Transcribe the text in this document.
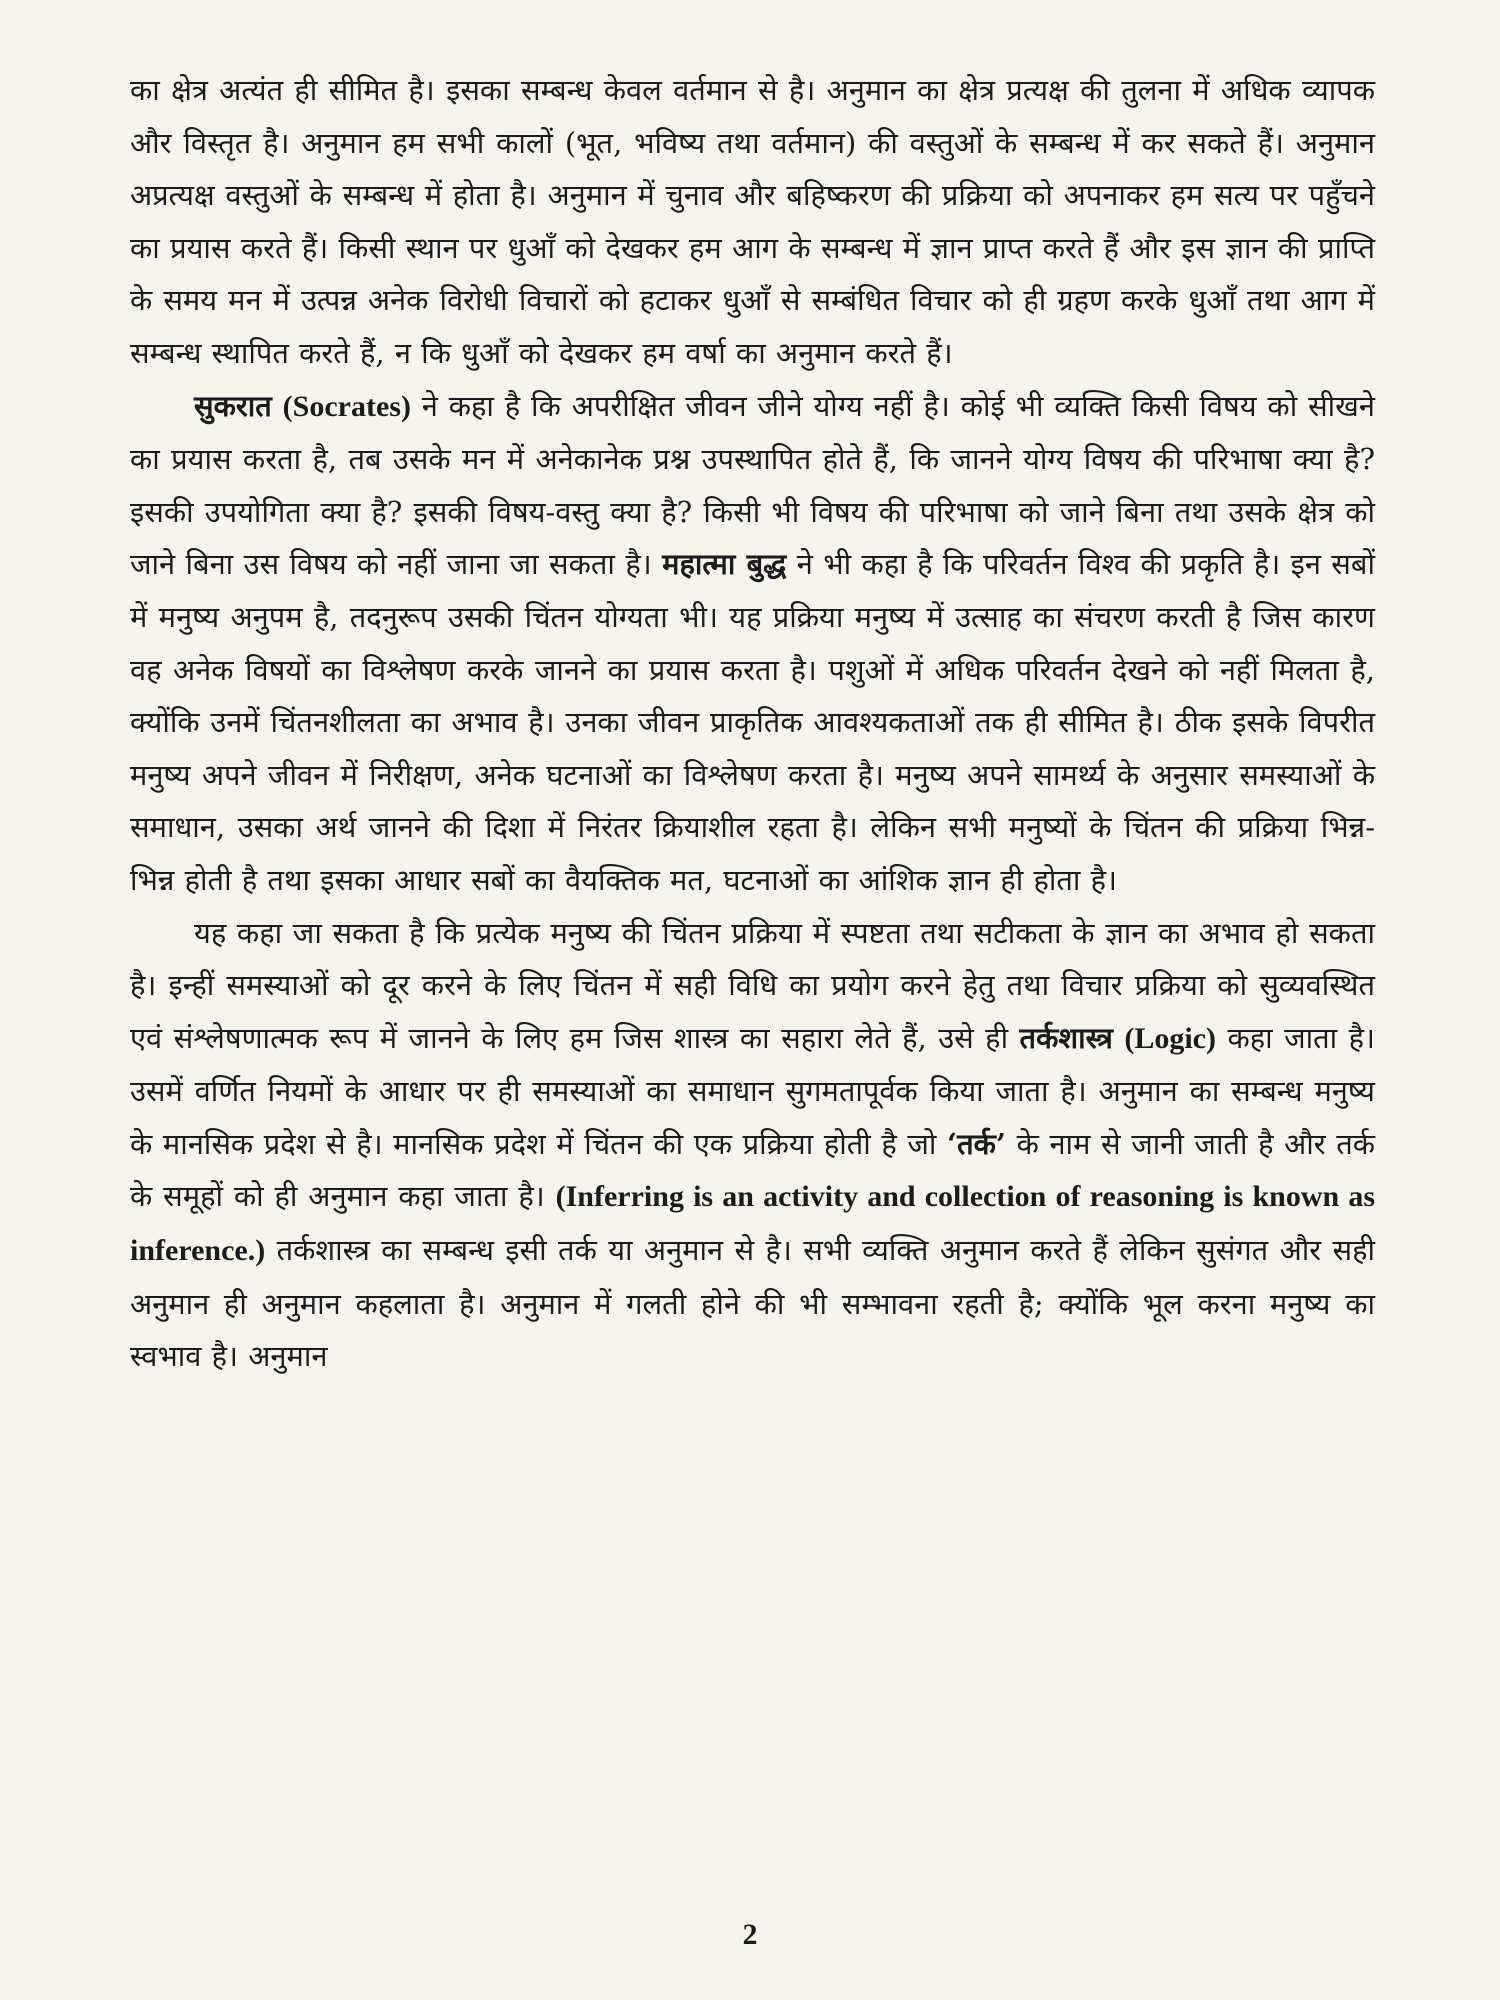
का क्षेत्र अत्यंत ही सीमित है। इसका सम्बन्ध केवल वर्तमान से है। अनुमान का क्षेत्र प्रत्यक्ष की तुलना में अधिक व्यापक और विस्तृत है। अनुमान हम सभी कालों (भूत, भविष्य तथा वर्तमान) की वस्तुओं के सम्बन्ध में कर सकते हैं। अनुमान अप्रत्यक्ष वस्तुओं के सम्बन्ध में होता है। अनुमान में चुनाव और बहिष्करण की प्रक्रिया को अपनाकर हम सत्य पर पहुँचने का प्रयास करते हैं। किसी स्थान पर धुआँ को देखकर हम आग के सम्बन्ध में ज्ञान प्राप्त करते हैं और इस ज्ञान की प्राप्ति के समय मन में उत्पन्न अनेक विरोधी विचारों को हटाकर धुआँ से सम्बंधित विचार को ही ग्रहण करके धुआँ तथा आग में सम्बन्ध स्थापित करते हैं, न कि धुआँ को देखकर हम वर्षा का अनुमान करते हैं।

सुकरात (Socrates) ने कहा है कि अपरीक्षित जीवन जीने योग्य नहीं है। कोई भी व्यक्ति किसी विषय को सीखने का प्रयास करता है, तब उसके मन में अनेकानेक प्रश्न उपस्थापित होते हैं, कि जानने योग्य विषय की परिभाषा क्या है? इसकी उपयोगिता क्या है? इसकी विषय-वस्तु क्या है? किसी भी विषय की परिभाषा को जाने बिना तथा उसके क्षेत्र को जाने बिना उस विषय को नहीं जाना जा सकता है। महात्मा बुद्ध ने भी कहा है कि परिवर्तन विश्व की प्रकृति है। इन सबों में मनुष्य अनुपम है, तदनुरूप उसकी चिंतन योग्यता भी। यह प्रक्रिया मनुष्य में उत्साह का संचरण करती है जिस कारण वह अनेक विषयों का विश्लेषण करके जानने का प्रयास करता है। पशुओं में अधिक परिवर्तन देखने को नहीं मिलता है, क्योंकि उनमें चिंतनशीलता का अभाव है। उनका जीवन प्राकृतिक आवश्यकताओं तक ही सीमित है। ठीक इसके विपरीत मनुष्य अपने जीवन में निरीक्षण, अनेक घटनाओं का विश्लेषण करता है। मनुष्य अपने सामर्थ्य के अनुसार समस्याओं के समाधान, उसका अर्थ जानने की दिशा में निरंतर क्रियाशील रहता है। लेकिन सभी मनुष्यों के चिंतन की प्रक्रिया भिन्न-भिन्न होती है तथा इसका आधार सबों का वैयक्तिक मत, घटनाओं का आंशिक ज्ञान ही होता है।

यह कहा जा सकता है कि प्रत्येक मनुष्य की चिंतन प्रक्रिया में स्पष्टता तथा सटीकता के ज्ञान का अभाव हो सकता है। इन्हीं समस्याओं को दूर करने के लिए चिंतन में सही विधि का प्रयोग करने हेतु तथा विचार प्रक्रिया को सुव्यवस्थित एवं संश्लेषणात्मक रूप में जानने के लिए हम जिस शास्त्र का सहारा लेते हैं, उसे ही तर्कशास्त्र (Logic) कहा जाता है। उसमें वर्णित नियमों के आधार पर ही समस्याओं का समाधान सुगमतापूर्वक किया जाता है। अनुमान का सम्बन्ध मनुष्य के मानसिक प्रदेश से है। मानसिक प्रदेश में चिंतन की एक प्रक्रिया होती है जो ‘तर्क’ के नाम से जानी जाती है और तर्क के समूहों को ही अनुमान कहा जाता है। (Inferring is an activity and collection of reasoning is known as inference.) तर्कशास्त्र का सम्बन्ध इसी तर्क या अनुमान से है। सभी व्यक्ति अनुमान करते हैं लेकिन सुसंगत और सही अनुमान ही अनुमान कहलाता है। अनुमान में गलती होने की भी सम्भावना रहती है; क्योंकि भूल करना मनुष्य का स्वभाव है। अनुमान

2
